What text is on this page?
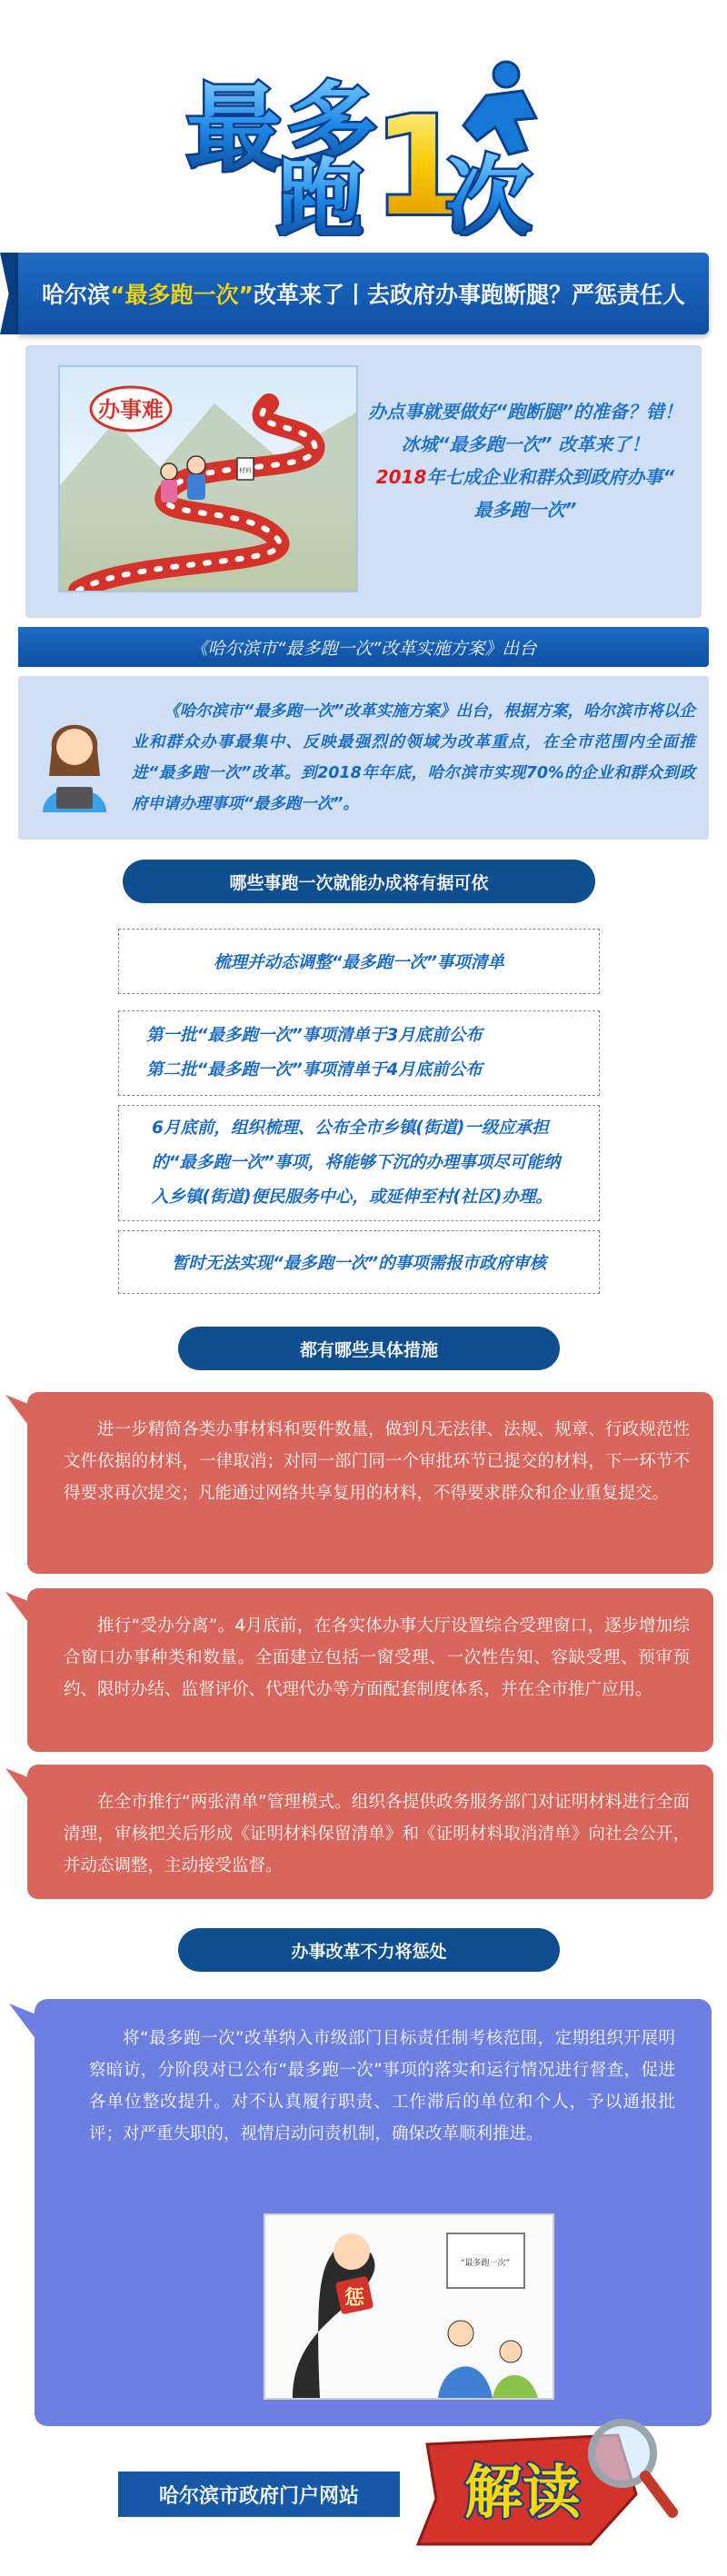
最 多
跑 1
次
哈尔滨 “最多跑一次” 改革来了丨去政府办事跑断腿？严惩责任人
办事难
材料
办点事就要做好“跑断腿”的准备？错！
冰城“最多跑一次” 改革来了！
2018年七成企业和群众到政府办事“
最多跑一次”
《哈尔滨市“最多跑一次”改革实施方案》出台
《哈尔滨市“最多跑一次”改革实施方案》出台，根据方案，哈尔滨市将以企业和群众办事最集中、反映最强烈的领域为改革重点，在全市范围内全面推进“最多跑一次”改革。到2018年年底，哈尔滨市实现70%的企业和群众到政府申请办理事项“最多跑一次”。
哪些事跑一次就能办成将有据可依
梳理并动态调整“最多跑一次”事项清单
第一批“最多跑一次”事项清单于3月底前公布
第二批“最多跑一次”事项清单于4月底前公布
6月底前，组织梳理、公布全市乡镇(街道)一级应承担的“最多跑一次”事项，将能够下沉的办理事项尽可能纳入乡镇(街道)便民服务中心，或延伸至村(社区)办理。
暂时无法实现“最多跑一次”的事项需报市政府审核
都有哪些具体措施
进一步精简各类办事材料和要件数量，做到凡无法律、法规、规章、行政规范性文件依据的材料，一律取消；对同一部门同一个审批环节已提交的材料，下一环节不得要求再次提交；凡能通过网络共享复用的材料，不得要求群众和企业重复提交。
推行“受办分离”。4月底前，在各实体办事大厅设置综合受理窗口，逐步增加综合窗口办事种类和数量。全面建立包括一窗受理、一次性告知、容缺受理、预审预约、限时办结、监督评价、代理代办等方面配套制度体系，并在全市推广应用。
在全市推行“两张清单”管理模式。组织各提供政务服务部门对证明材料进行全面清理，审核把关后形成《证明材料保留清单》和《证明材料取消清单》向社会公开，并动态调整，主动接受监督。
办事改革不力将惩处
将“最多跑一次”改革纳入市级部门目标责任制考核范围，定期组织开展明察暗访，分阶段对已公布“最多跑一次”事项的落实和运行情况进行督查，促进各单位整改提升。对不认真履行职责、工作滞后的单位和个人，予以通报批评；对严重失职的，视情启动问责机制，确保改革顺利推进。
惩
“最多跑一次”
哈尔滨市政府门户网站	解读
